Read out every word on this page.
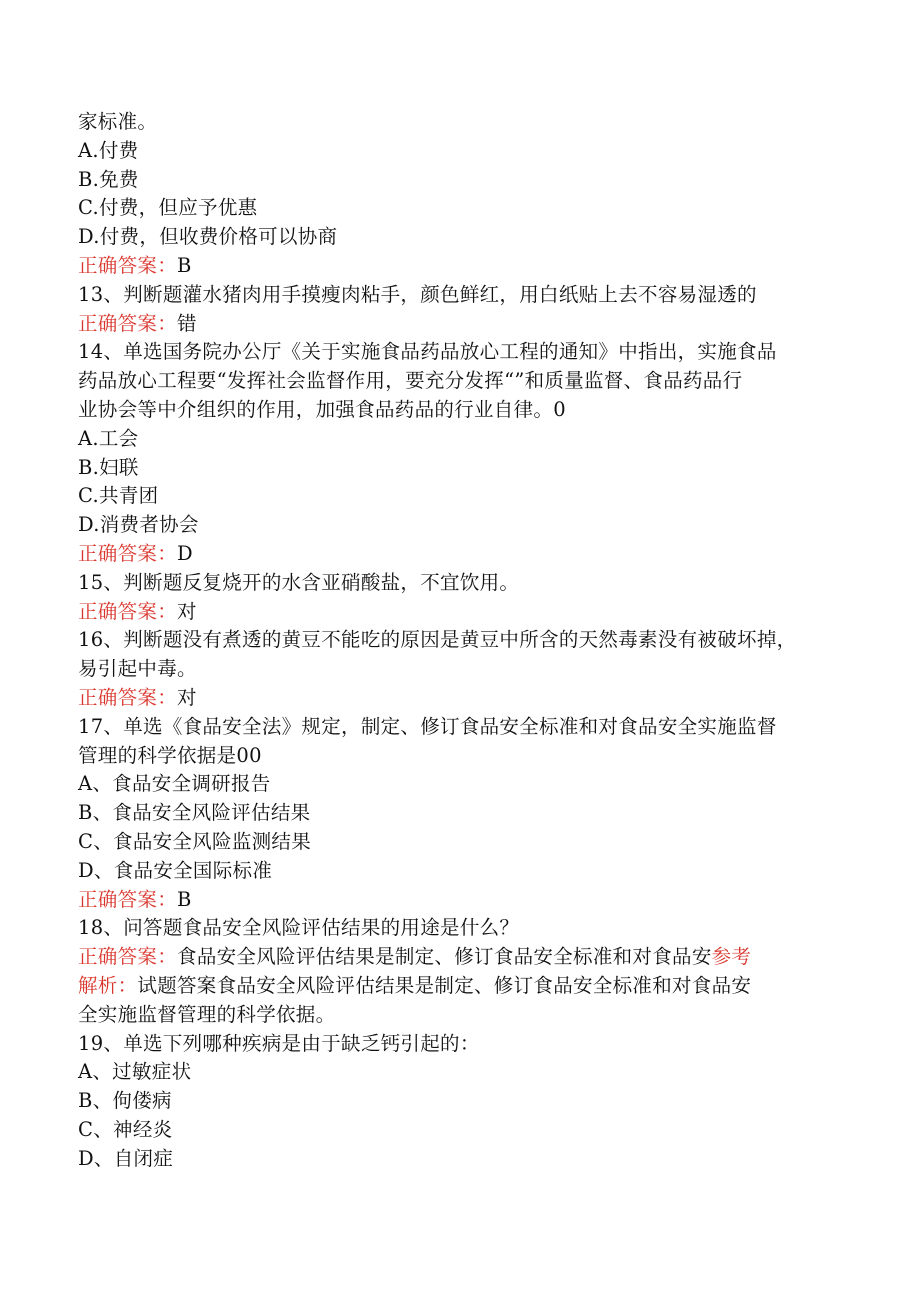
家标准。
A.付费
B.免费
C.付费，但应予优惠
D.付费，但收费价格可以协商
正确答案：B
13、判断题灌水猪肉用手摸瘦肉粘手，颜色鲜红，用白纸贴上去不容易湿透的
正确答案：错
14、单选国务院办公厅《关于实施食品药品放心工程的通知》中指出，实施食品
药品放心工程要“发挥社会监督作用，要充分发挥“”和质量监督、食品药品行
业协会等中介组织的作用，加强食品药品的行业自律。0
A.工会
B.妇联
C.共青团
D.消费者协会
正确答案：D
15、判断题反复烧开的水含亚硝酸盐，不宜饮用。
正确答案：对
16、判断题没有煮透的黄豆不能吃的原因是黄豆中所含的天然毒素没有被破坏掉，
易引起中毒。
正确答案：对
17、单选《食品安全法》规定，制定、修订食品安全标准和对食品安全实施监督
管理的科学依据是00
A、食品安全调研报告
B、食品安全风险评估结果
C、食品安全风险监测结果
D、食品安全国际标准
正确答案：B
18、问答题食品安全风险评估结果的用途是什么？
正确答案：食品安全风险评估结果是制定、修订食品安全标准和对食品安参考
解析：试题答案食品安全风险评估结果是制定、修订食品安全标准和对食品安
全实施监督管理的科学依据。
19、单选下列哪种疾病是由于缺乏钙引起的：
A、过敏症状
B、佝偻病
C、神经炎
D、自闭症
